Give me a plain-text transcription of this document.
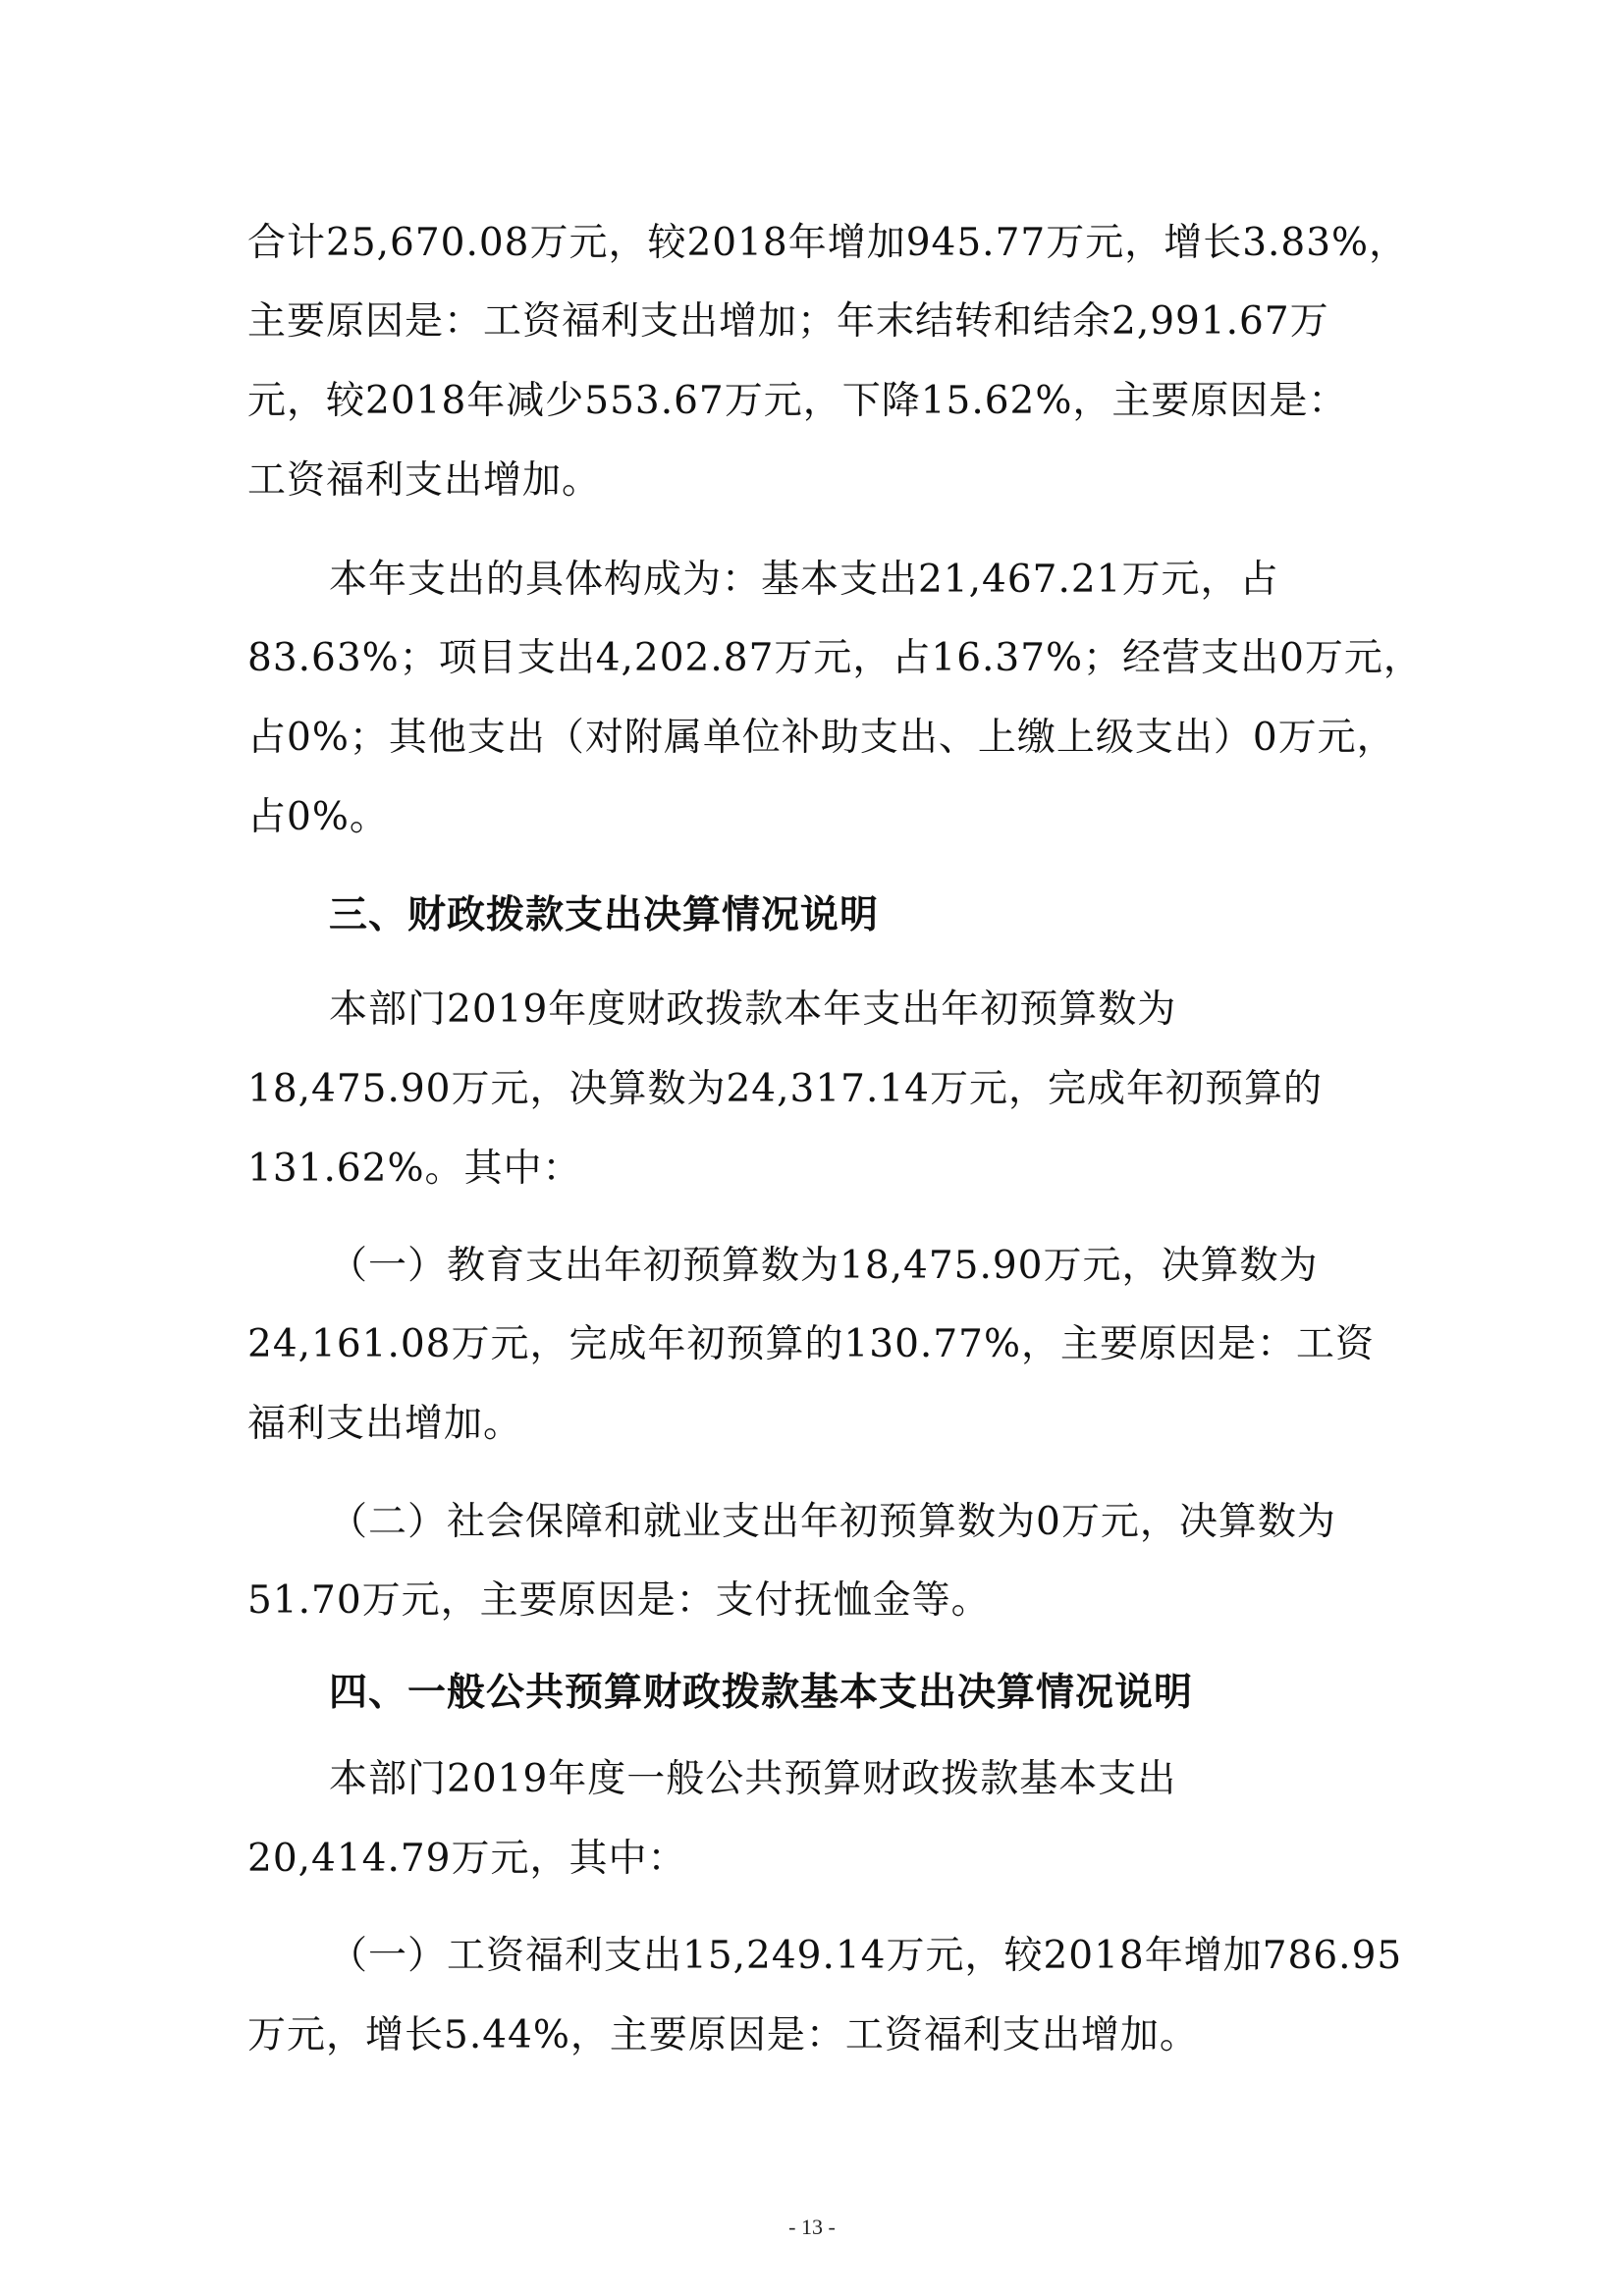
合计25,670.08万元，较2018年增加945.77万元，增长3.83%，
主要原因是：工资福利支出增加；年末结转和结余2,991.67万
元，较2018年减少553.67万元，下降15.62%，主要原因是：
工资福利支出增加。
本年支出的具体构成为：基本支出21,467.21万元，占
83.63%；项目支出4,202.87万元，占16.37%；经营支出0万元，
占0%；其他支出（对附属单位补助支出、上缴上级支出）0万元，
占0%。
三、财政拨款支出决算情况说明
本部门2019年度财政拨款本年支出年初预算数为
18,475.90万元，决算数为24,317.14万元，完成年初预算的
131.62%。其中：
（一）教育支出年初预算数为18,475.90万元，决算数为
24,161.08万元，完成年初预算的130.77%，主要原因是：工资
福利支出增加。
（二）社会保障和就业支出年初预算数为0万元，决算数为
51.70万元，主要原因是：支付抚恤金等。
四、一般公共预算财政拨款基本支出决算情况说明
本部门2019年度一般公共预算财政拨款基本支出
20,414.79万元，其中：
（一）工资福利支出15,249.14万元，较2018年增加786.95
万元，增长5.44%，主要原因是：工资福利支出增加。
- 13 -
